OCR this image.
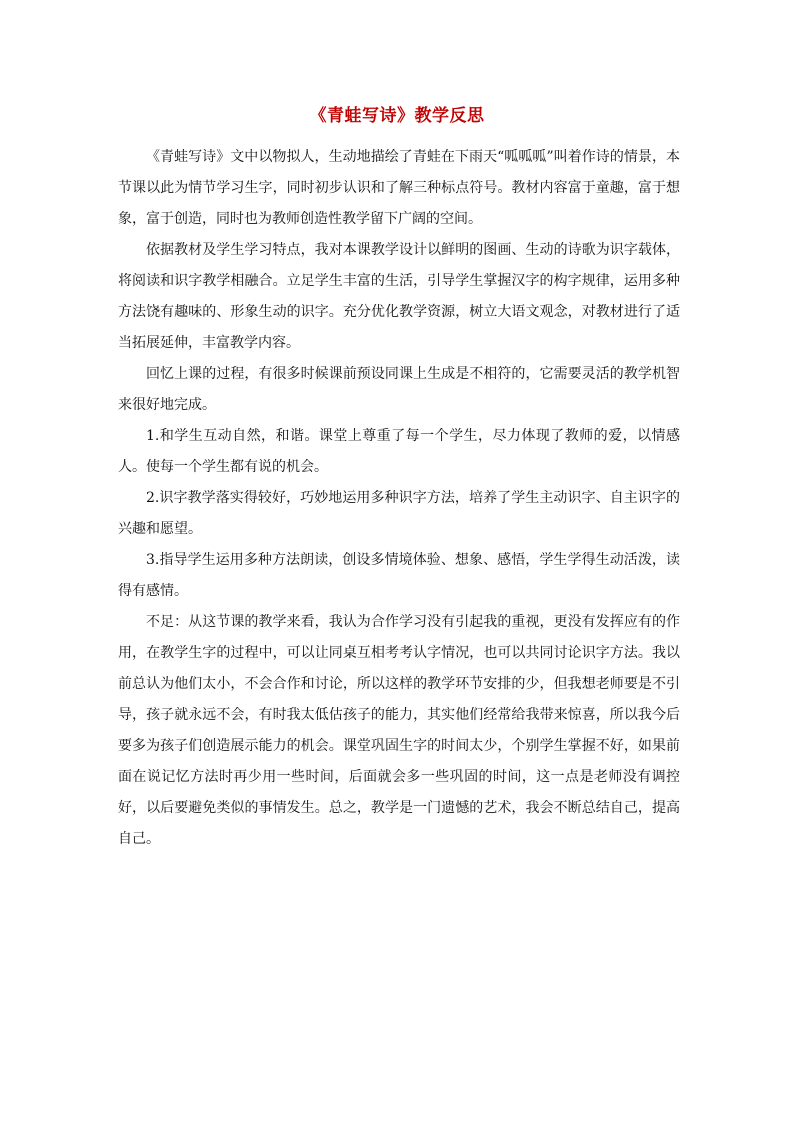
《青蛙写诗》教学反思

《青蛙写诗》文中以物拟人，生动地描绘了青蛙在下雨天“呱呱呱”叫着作诗的情景，本节课以此为情节学习生字，同时初步认识和了解三种标点符号。教材内容富于童趣，富于想象，富于创造，同时也为教师创造性教学留下广阔的空间。

依据教材及学生学习特点，我对本课教学设计以鲜明的图画、生动的诗歌为识字载体，将阅读和识字教学相融合。立足学生丰富的生活，引导学生掌握汉字的构字规律，运用多种方法饶有趣味的、形象生动的识字。充分优化教学资源，树立大语文观念，对教材进行了适当拓展延伸，丰富教学内容。

回忆上课的过程，有很多时候课前预设同课上生成是不相符的，它需要灵活的教学机智来很好地完成。

1.和学生互动自然，和谐。课堂上尊重了每一个学生，尽力体现了教师的爱，以情感人。使每一个学生都有说的机会。

2.识字教学落实得较好，巧妙地运用多种识字方法，培养了学生主动识字、自主识字的兴趣和愿望。

3.指导学生运用多种方法朗读，创设多情境体验、想象、感悟，学生学得生动活泼，读得有感情。

不足：从这节课的教学来看，我认为合作学习没有引起我的重视，更没有发挥应有的作用，在教学生字的过程中，可以让同桌互相考考认字情况，也可以共同讨论识字方法。我以前总认为他们太小，不会合作和讨论，所以这样的教学环节安排的少，但我想老师要是不引导，孩子就永远不会，有时我太低估孩子的能力，其实他们经常给我带来惊喜，所以我今后要多为孩子们创造展示能力的机会。课堂巩固生字的时间太少，个别学生掌握不好，如果前面在说记忆方法时再少用一些时间，后面就会多一些巩固的时间，这一点是老师没有调控好，以后要避免类似的事情发生。总之，教学是一门遗憾的艺术，我会不断总结自己，提高自己。
